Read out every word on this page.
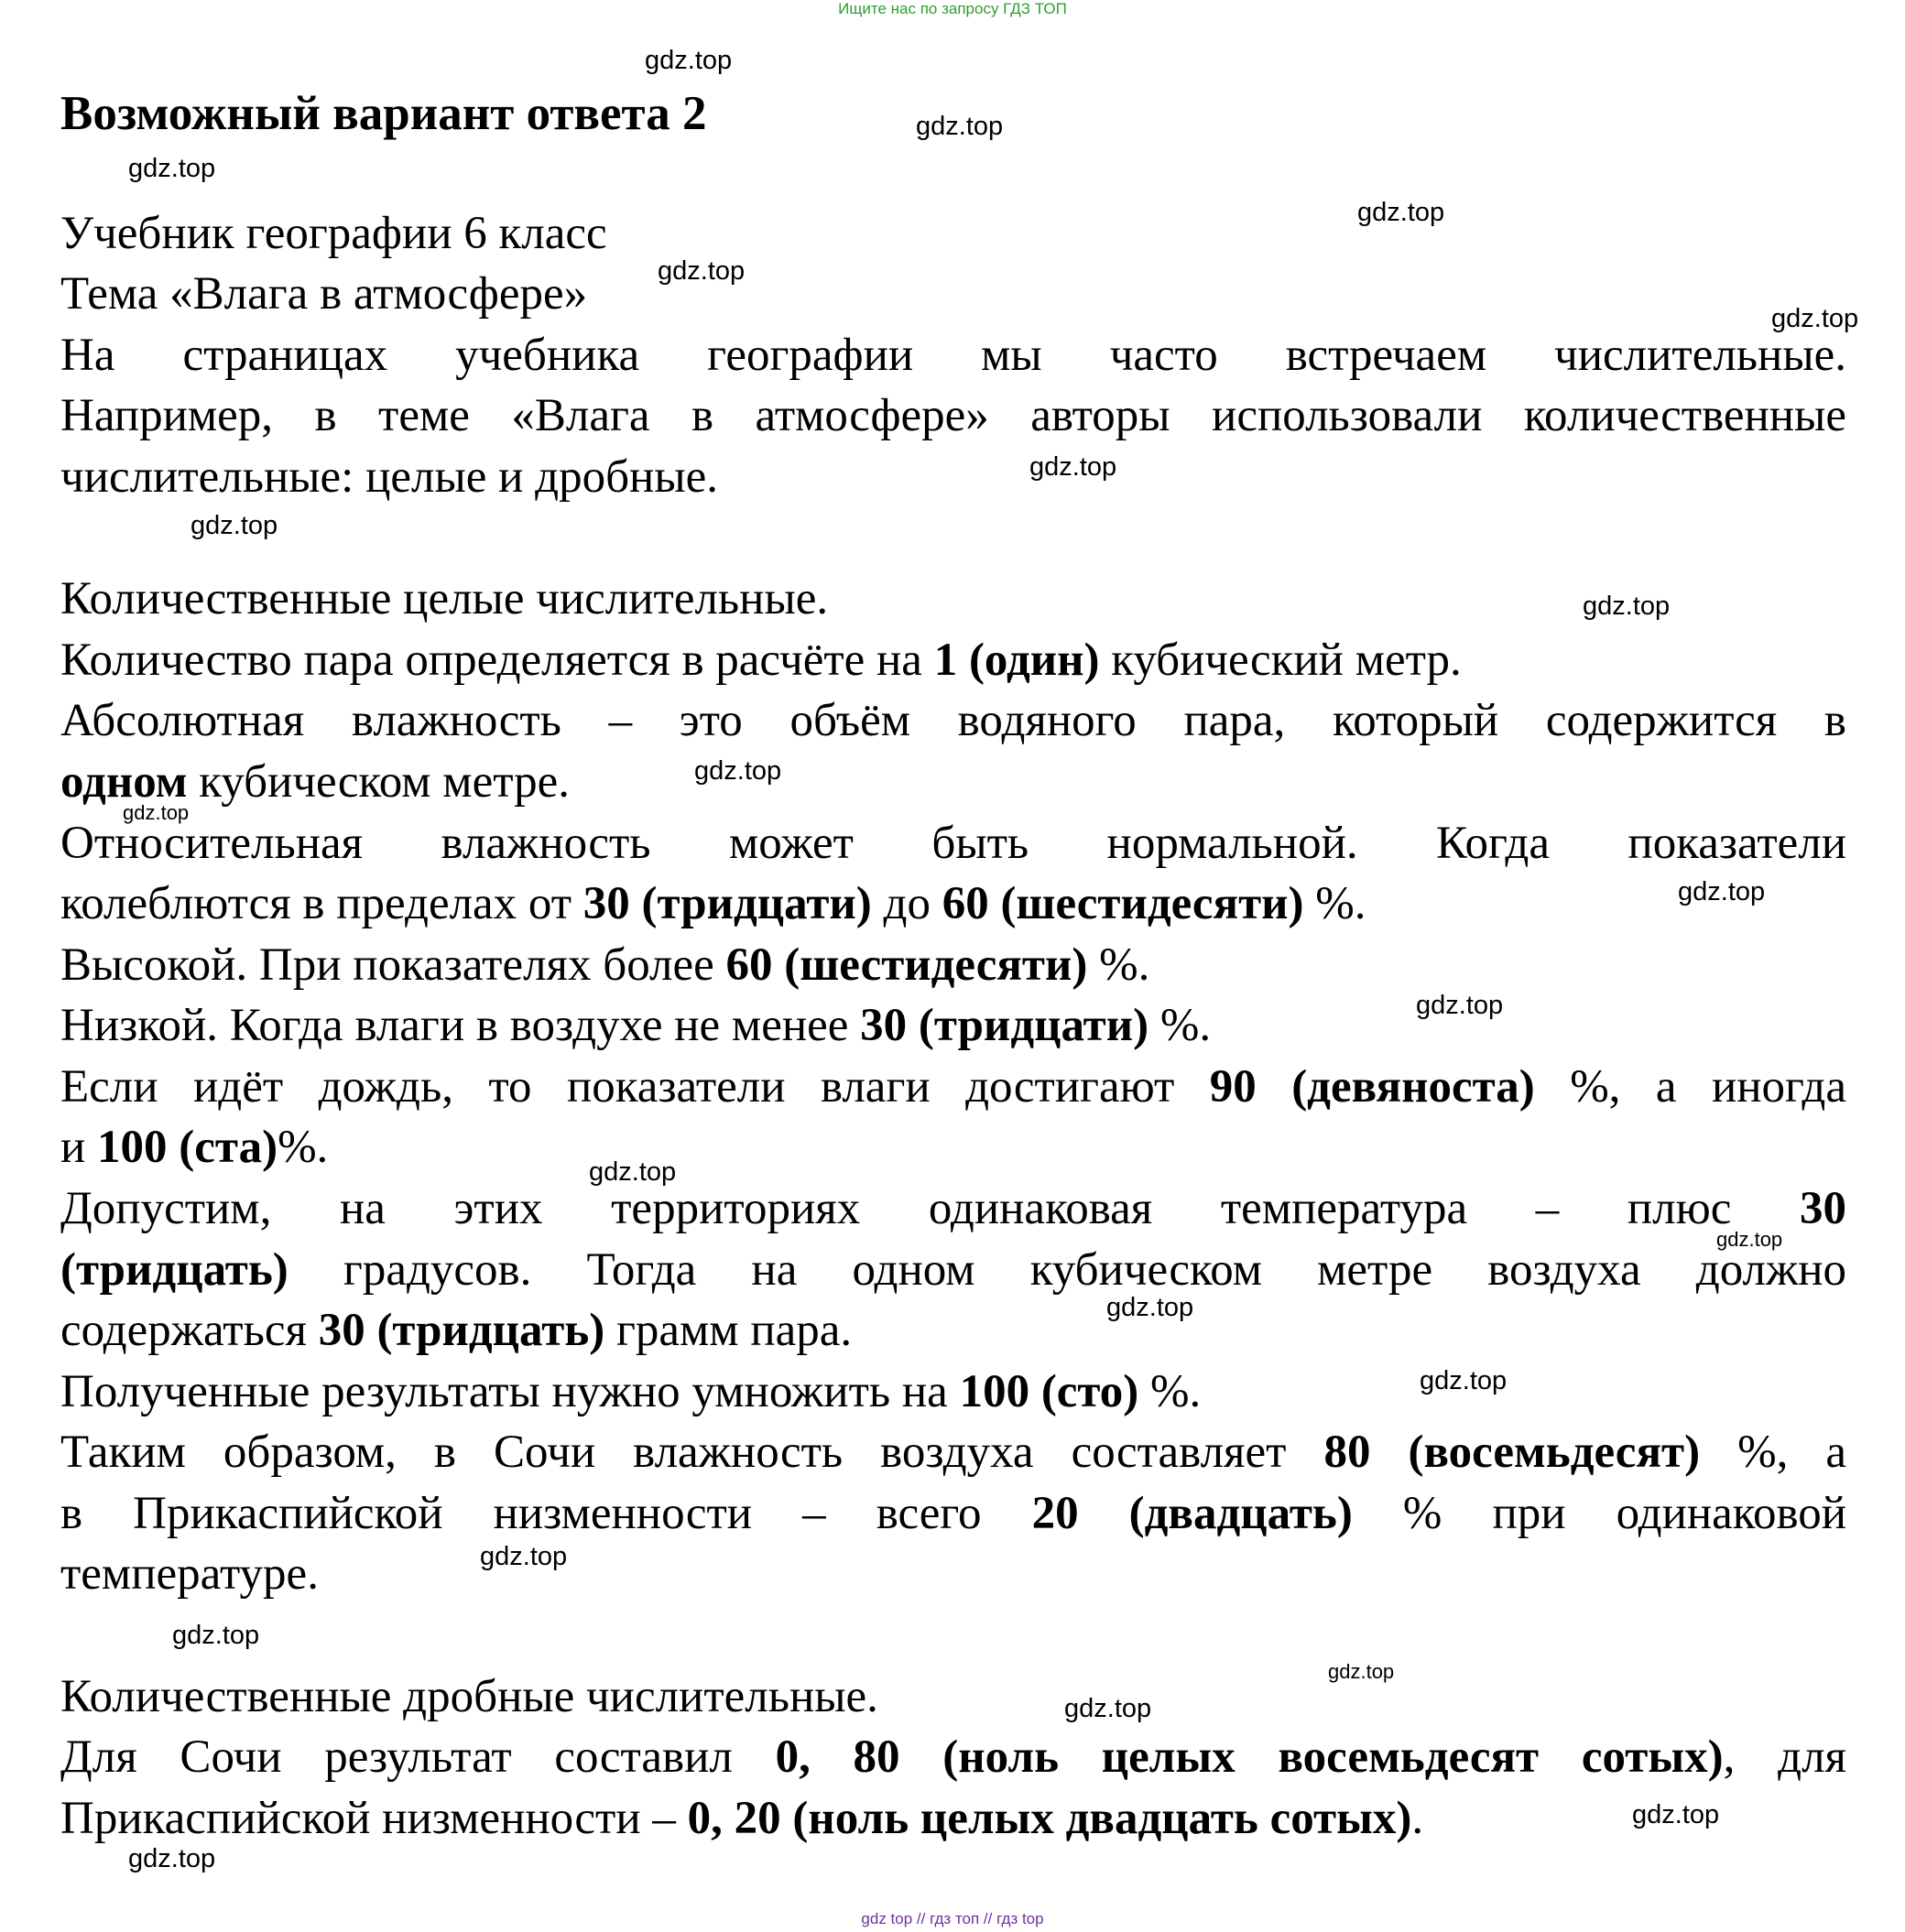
Ищите нас по запросу ГДЗ ТОП
Возможный вариант ответа 2
gdz.top
gdz.top
gdz.top
gdz.top
gdz.top
gdz.top
gdz.top
gdz.top
gdz.top
gdz.top
gdz.top
gdz.top
gdz.top
gdz.top
gdz.top
gdz.top
gdz.top
gdz.top
gdz.top
gdz.top
gdz.top
gdz.top
gdz.top
Учебник географии 6 класс
Тема «Влага в атмосфере»
На страницах учебника географии мы часто встречаем числительные.
Например, в теме «Влага в атмосфере» авторы использовали количественные
числительные: целые и дробные.
Количественные целые числительные.
Количество пара определяется в расчёте на 1 (один) кубический метр.
Абсолютная влажность – это объём водяного пара, который содержится в
одном кубическом метре.
Относительная влажность может быть нормальной. Когда показатели
колеблются в пределах от 30 (тридцати) до 60 (шестидесяти) %.
Высокой. При показателях более 60 (шестидесяти) %.
Низкой. Когда влаги в воздухе не менее 30 (тридцати) %.
Если идёт дождь, то показатели влаги достигают 90 (девяноста) %, а иногда
и 100 (ста)%.
Допустим, на этих территориях одинаковая температура – плюс 30
(тридцать) градусов. Тогда на одном кубическом метре воздуха должно
содержаться 30 (тридцать) грамм пара.
Полученные результаты нужно умножить на 100 (сто) %.
Таким образом, в Сочи влажность воздуха составляет 80 (восемьдесят) %, а
в Прикаспийской низменности – всего 20 (двадцать) % при одинаковой
температуре.
Количественные дробные числительные.
Для Сочи результат составил 0, 80 (ноль целых восемьдесят сотых), для
Прикаспийской низменности – 0, 20 (ноль целых двадцать сотых).
gdz top // гдз топ // гдз top
